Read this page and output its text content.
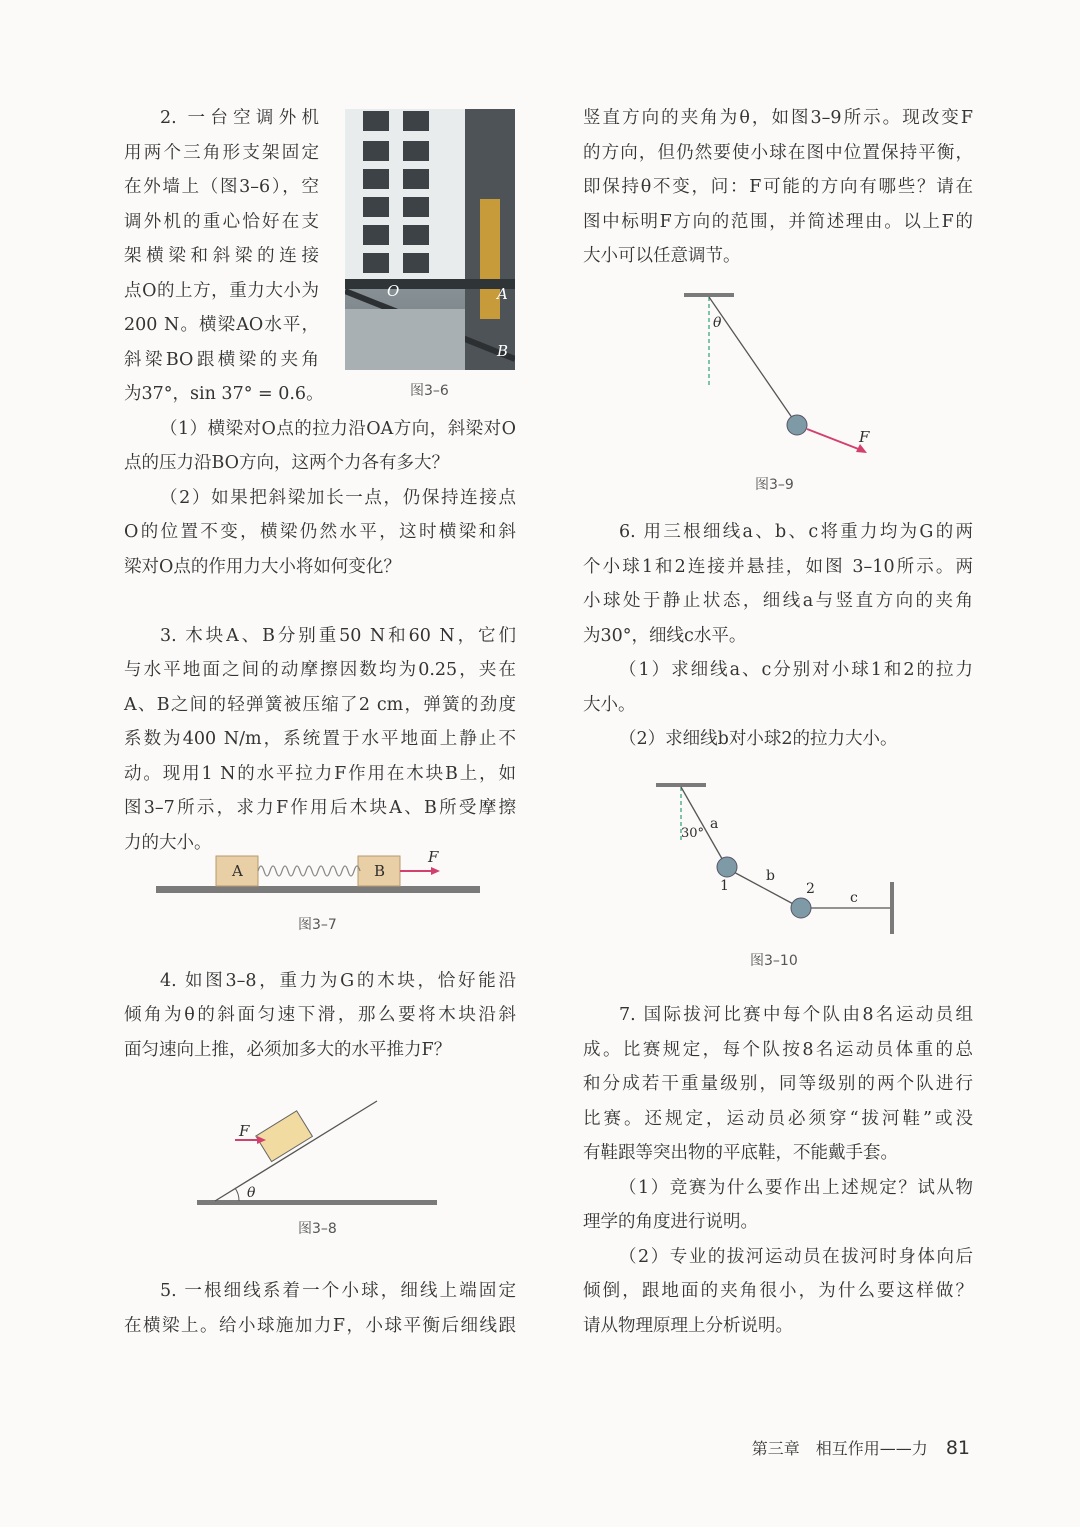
2. 一台空调外机
用两个三角形支架固定
在外墙上（图3–6），空
调外机的重心恰好在支
架横梁和斜梁的连接
点O的上方，重力大小为
200 N。横梁AO水平，
斜梁BO跟横梁的夹角
为37°，sin 37° = 0.6。
（1）横梁对O点的拉力沿OA方向，斜梁对O
点的压力沿BO方向，这两个力各有多大？
（2）如果把斜梁加长一点，仍保持连接点
O的位置不变，横梁仍然水平，这时横梁和斜
梁对O点的作用力大小将如何变化？
O	A
B
图3–6
3. 木块A、B分别重50 N和60 N，它们
与水平地面之间的动摩擦因数均为0.25，夹在
A、B之间的轻弹簧被压缩了2 cm，弹簧的劲度
系数为400 N/m，系统置于水平地面上静止不
动。现用1 N的水平拉力F作用在木块B上，如
图3–7所示，求力F作用后木块A、B所受摩擦
力的大小。
A	B
F
图3–7
4. 如图3–8，重力为G的木块，恰好能沿
倾角为θ的斜面匀速下滑，那么要将木块沿斜
面匀速向上推，必须加多大的水平推力F？
F
θ
图3–8
5. 一根细线系着一个小球，细线上端固定
在横梁上。给小球施加力F，小球平衡后细线跟
竖直方向的夹角为θ，如图3–9所示。现改变F
的方向，但仍然要使小球在图中位置保持平衡，
即保持θ不变，问：F可能的方向有哪些？请在
图中标明F方向的范围，并简述理由。以上F的
大小可以任意调节。
θ
F
图3–9
6. 用三根细线a、b、c将重力均为G的两
个小球1和2连接并悬挂，如图 3–10所示。两
小球处于静止状态，细线a与竖直方向的夹角
为30°，细线c水平。
（1）求细线a、c分别对小球1和2的拉力
大小。
（2）求细线b对小球2的拉力大小。
30°
a
b
c
1	2
图3–10
7. 国际拔河比赛中每个队由8名运动员组
成。比赛规定，每个队按8名运动员体重的总
和分成若干重量级别，同等级别的两个队进行
比赛。还规定，运动员必须穿“拔河鞋”或没
有鞋跟等突出物的平底鞋，不能戴手套。
（1）竞赛为什么要作出上述规定？试从物
理学的角度进行说明。
（2）专业的拔河运动员在拔河时身体向后
倾倒，跟地面的夹角很小，为什么要这样做？
请从物理原理上分析说明。
第三章　相互作用——力 81
